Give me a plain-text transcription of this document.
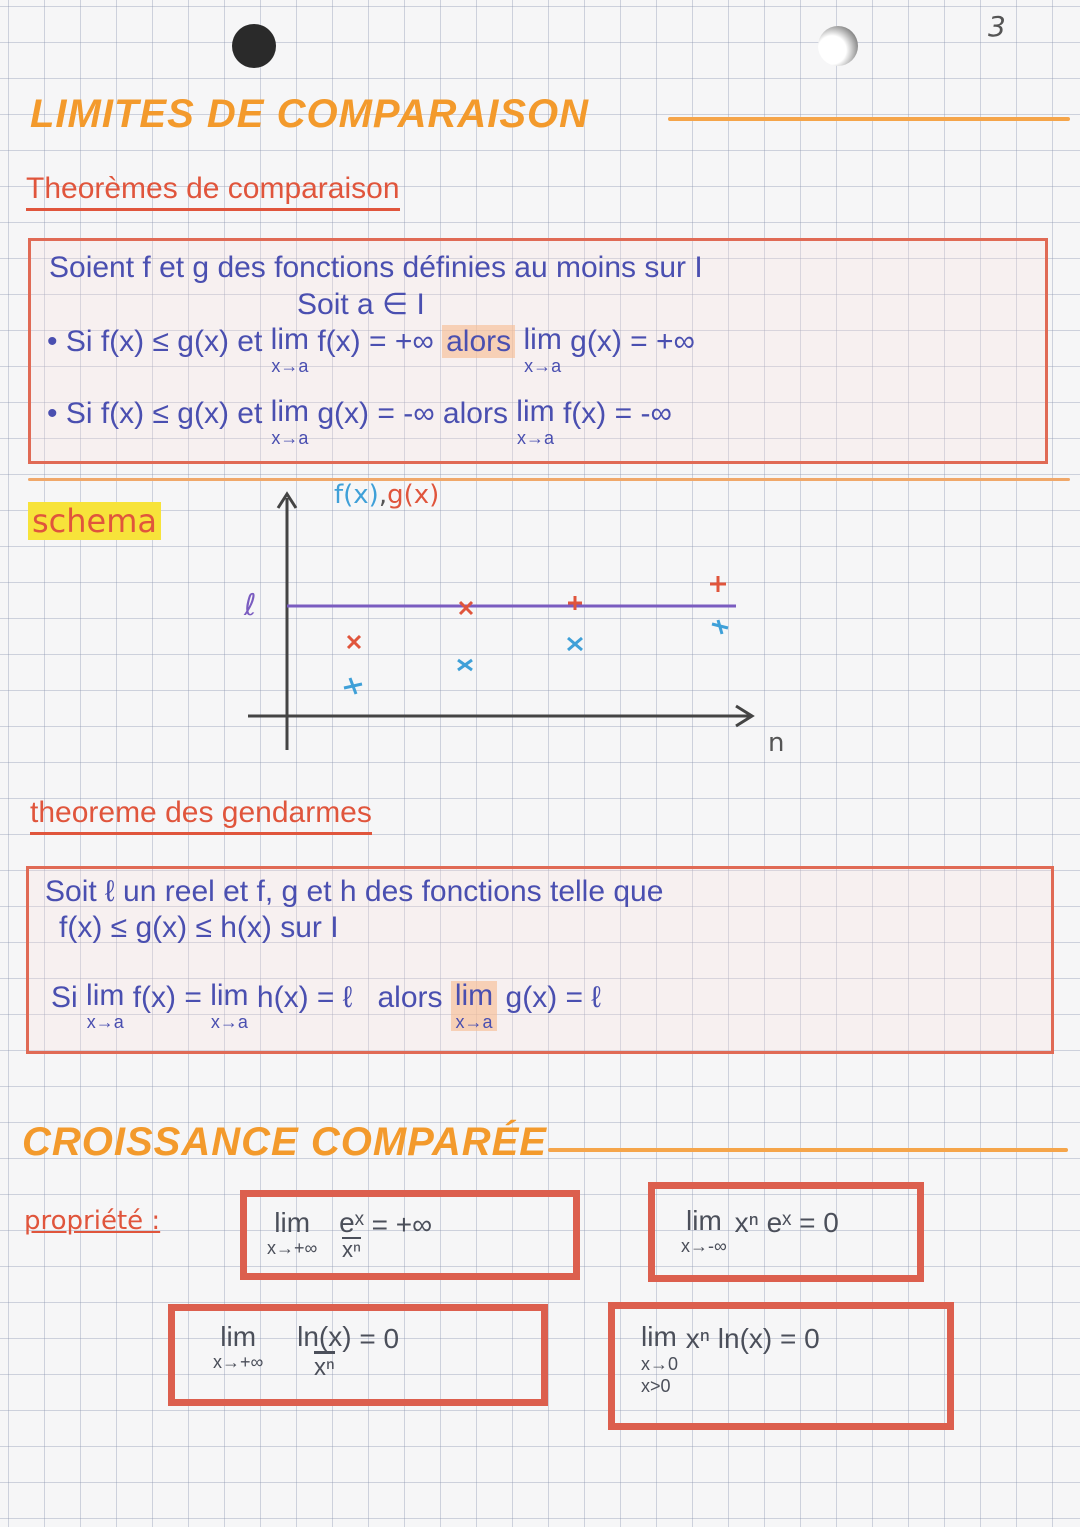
3
LIMITES DE COMPARAISON
Theorèmes de comparaison
Soient f et g des fonctions définies au moins sur I
Soit a ∈ I
• Si f(x) ≤ g(x) et lim
x→a
f(x) = +∞ alors lim
x→a
g(x) = +∞
• Si f(x) ≤ g(x) et lim
x→a
g(x) = -∞ alors lim
x→a
f(x) = -∞
schema
f(x),g(x)
ℓ
n
theoreme des gendarmes
Soit ℓ un reel et f, g et h des fonctions telle que
f(x) ≤ g(x) ≤ h(x) sur I
Si lim
x→a
f(x) = lim
x→a
h(x) = ℓ alors lim
x→a
g(x) = ℓ
CROISSANCE COMPARÉE
propriété :	lim
x→+∞

eˣ
xⁿ
= +∞	lim
x→-∞
xⁿ eˣ = 0
lim
x→+∞
$\frac{\ln(x)}{\text{xⁿ}} = 0$	lim
x→0
x>0
xⁿ ln(x) = 0
